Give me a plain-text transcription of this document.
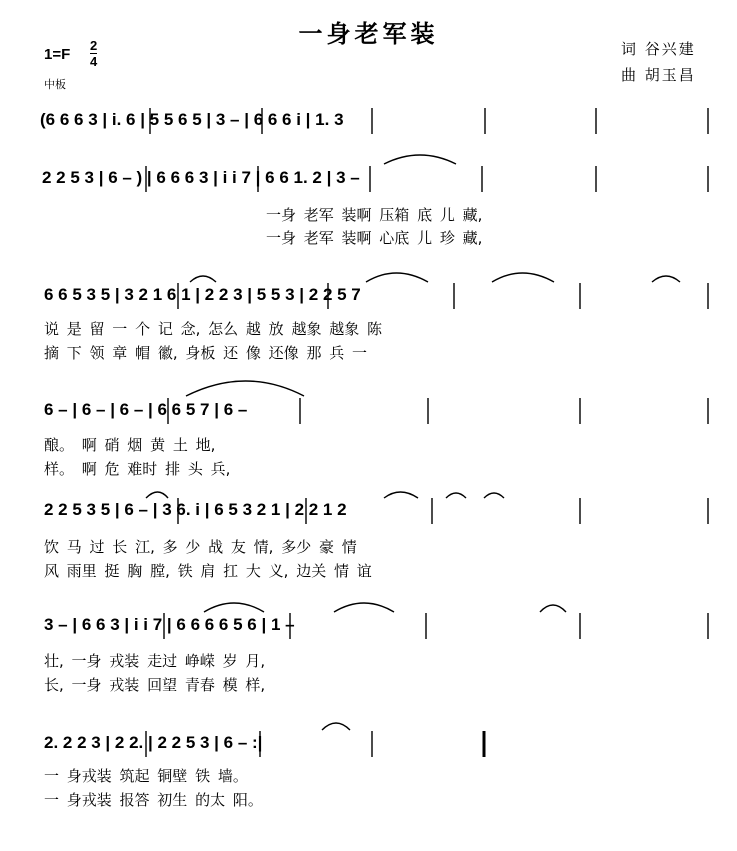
一身老军装
1=F
2
4
中板
词 谷兴建
曲 胡玉昌
(6 6 6 3 | i. 6 | 5 5 6 5 | 3 – | 6 6 6 i | 1. 3
2 2 5 3 | 6 – ) | 6 6 6 3 | i i 7 | 6 6 1. 2 | 3 –
一身 老军 装啊 压箱 底 儿 藏,
一身 老军 装啊 心底 儿 珍 藏,
6 6 5 3 5 | 3 2 1 6 1 | 2 2 3 | 5 5 3 | 2 2 5 7
说 是 留 一 个 记 念, 怎么 越 放 越象 越象 陈
摘 下 领 章 帽 徽, 身板 还 像 还像 那 兵 一
6 – | 6 – | 6 – | 6 6 5 7 | 6 –
酿。 啊 硝 烟 黄 土 地,
样。 啊 危 难时 排 头 兵,
2 2 5 3 5 | 6 – | 3 6. i | 6 5 3 2 1 | 2 2 1 2
饮 马 过 长 江, 多 少 战 友 情, 多少 豪 情
风 雨里 挺 胸 膛, 铁 肩 扛 大 义, 边关 情 谊
3 – | 6 6 3 | i i 7 | 6 6 6 6 5 6 | 1 –
壮, 一身 戎装 走过 峥嵘 岁 月,
长, 一身 戎装 回望 青春 模 样,
2. 2 2 3 | 2 2. | 2 2 5 3 | 6 – :|
一 身戎装 筑起 铜壁 铁 墙。
一 身戎装 报答 初生 的太 阳。
